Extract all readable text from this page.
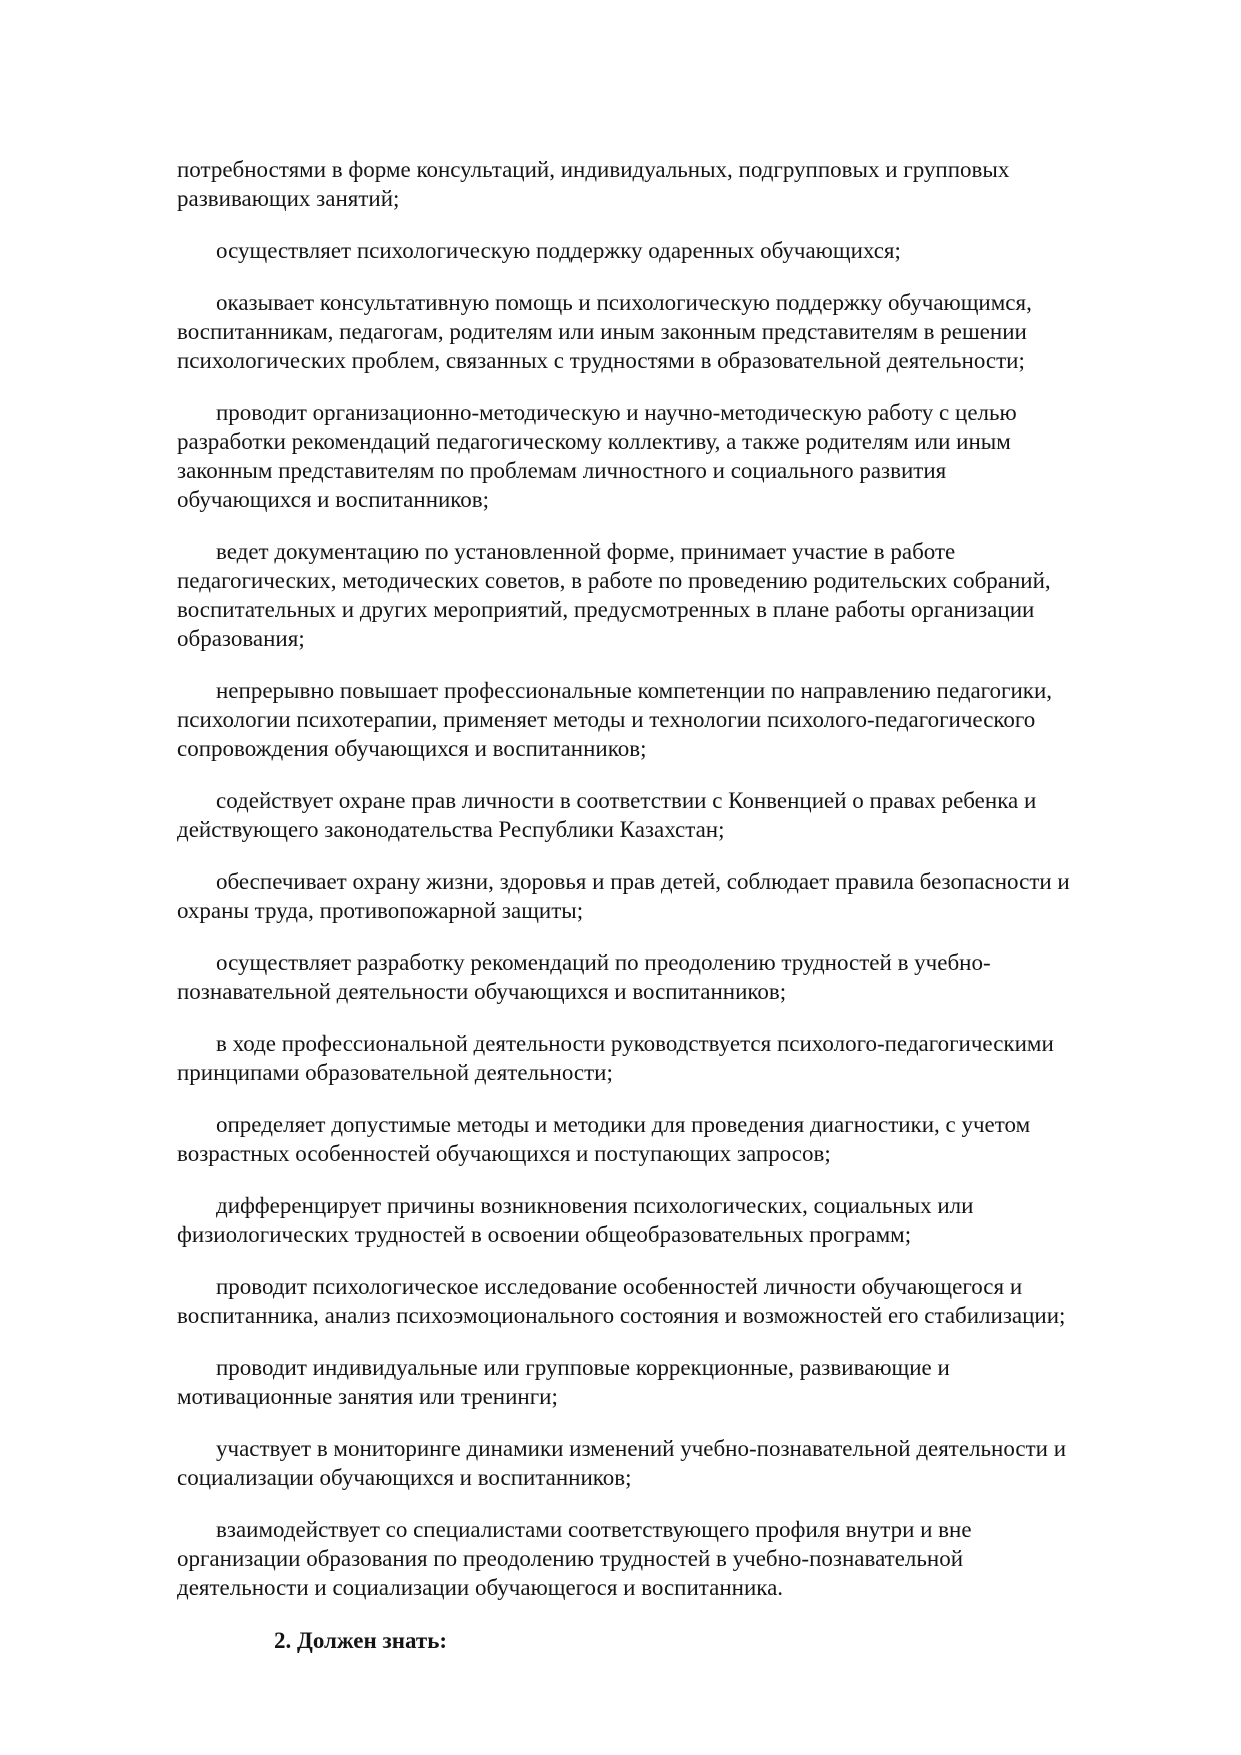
потребностями в форме консультаций, индивидуальных, подгрупповых и групповых
развивающих занятий;
осуществляет психологическую поддержку одаренных обучающихся;
оказывает консультативную помощь и психологическую поддержку обучающимся,
воспитанникам, педагогам, родителям или иным законным представителям в решении
психологических проблем, связанных с трудностями в образовательной деятельности;
проводит организационно-методическую и научно-методическую работу с целью
разработки рекомендаций педагогическому коллективу, а также родителям или иным
законным представителям по проблемам личностного и социального развития
обучающихся и воспитанников;
ведет документацию по установленной форме, принимает участие в работе
педагогических, методических советов, в работе по проведению родительских собраний,
воспитательных и других мероприятий, предусмотренных в плане работы организации
образования;
непрерывно повышает профессиональные компетенции по направлению педагогики,
психологии психотерапии, применяет методы и технологии психолого-педагогического
сопровождения обучающихся и воспитанников;
содействует охране прав личности в соответствии с Конвенцией о правах ребенка и
действующего законодательства Республики Казахстан;
обеспечивает охрану жизни, здоровья и прав детей, соблюдает правила безопасности и
охраны труда, противопожарной защиты;
осуществляет разработку рекомендаций по преодолению трудностей в учебно-
познавательной деятельности обучающихся и воспитанников;
в ходе профессиональной деятельности руководствуется психолого-педагогическими
принципами образовательной деятельности;
определяет допустимые методы и методики для проведения диагностики, с учетом
возрастных особенностей обучающихся и поступающих запросов;
дифференцирует причины возникновения психологических, социальных или
физиологических трудностей в освоении общеобразовательных программ;
проводит психологическое исследование особенностей личности обучающегося и
воспитанника, анализ психоэмоционального состояния и возможностей его стабилизации;
проводит индивидуальные или групповые коррекционные, развивающие и
мотивационные занятия или тренинги;
участвует в мониторинге динамики изменений учебно-познавательной деятельности и
социализации обучающихся и воспитанников;
взаимодействует со специалистами соответствующего профиля внутри и вне
организации образования по преодолению трудностей в учебно-познавательной
деятельности и социализации обучающегося и воспитанника.
2. Должен знать:
